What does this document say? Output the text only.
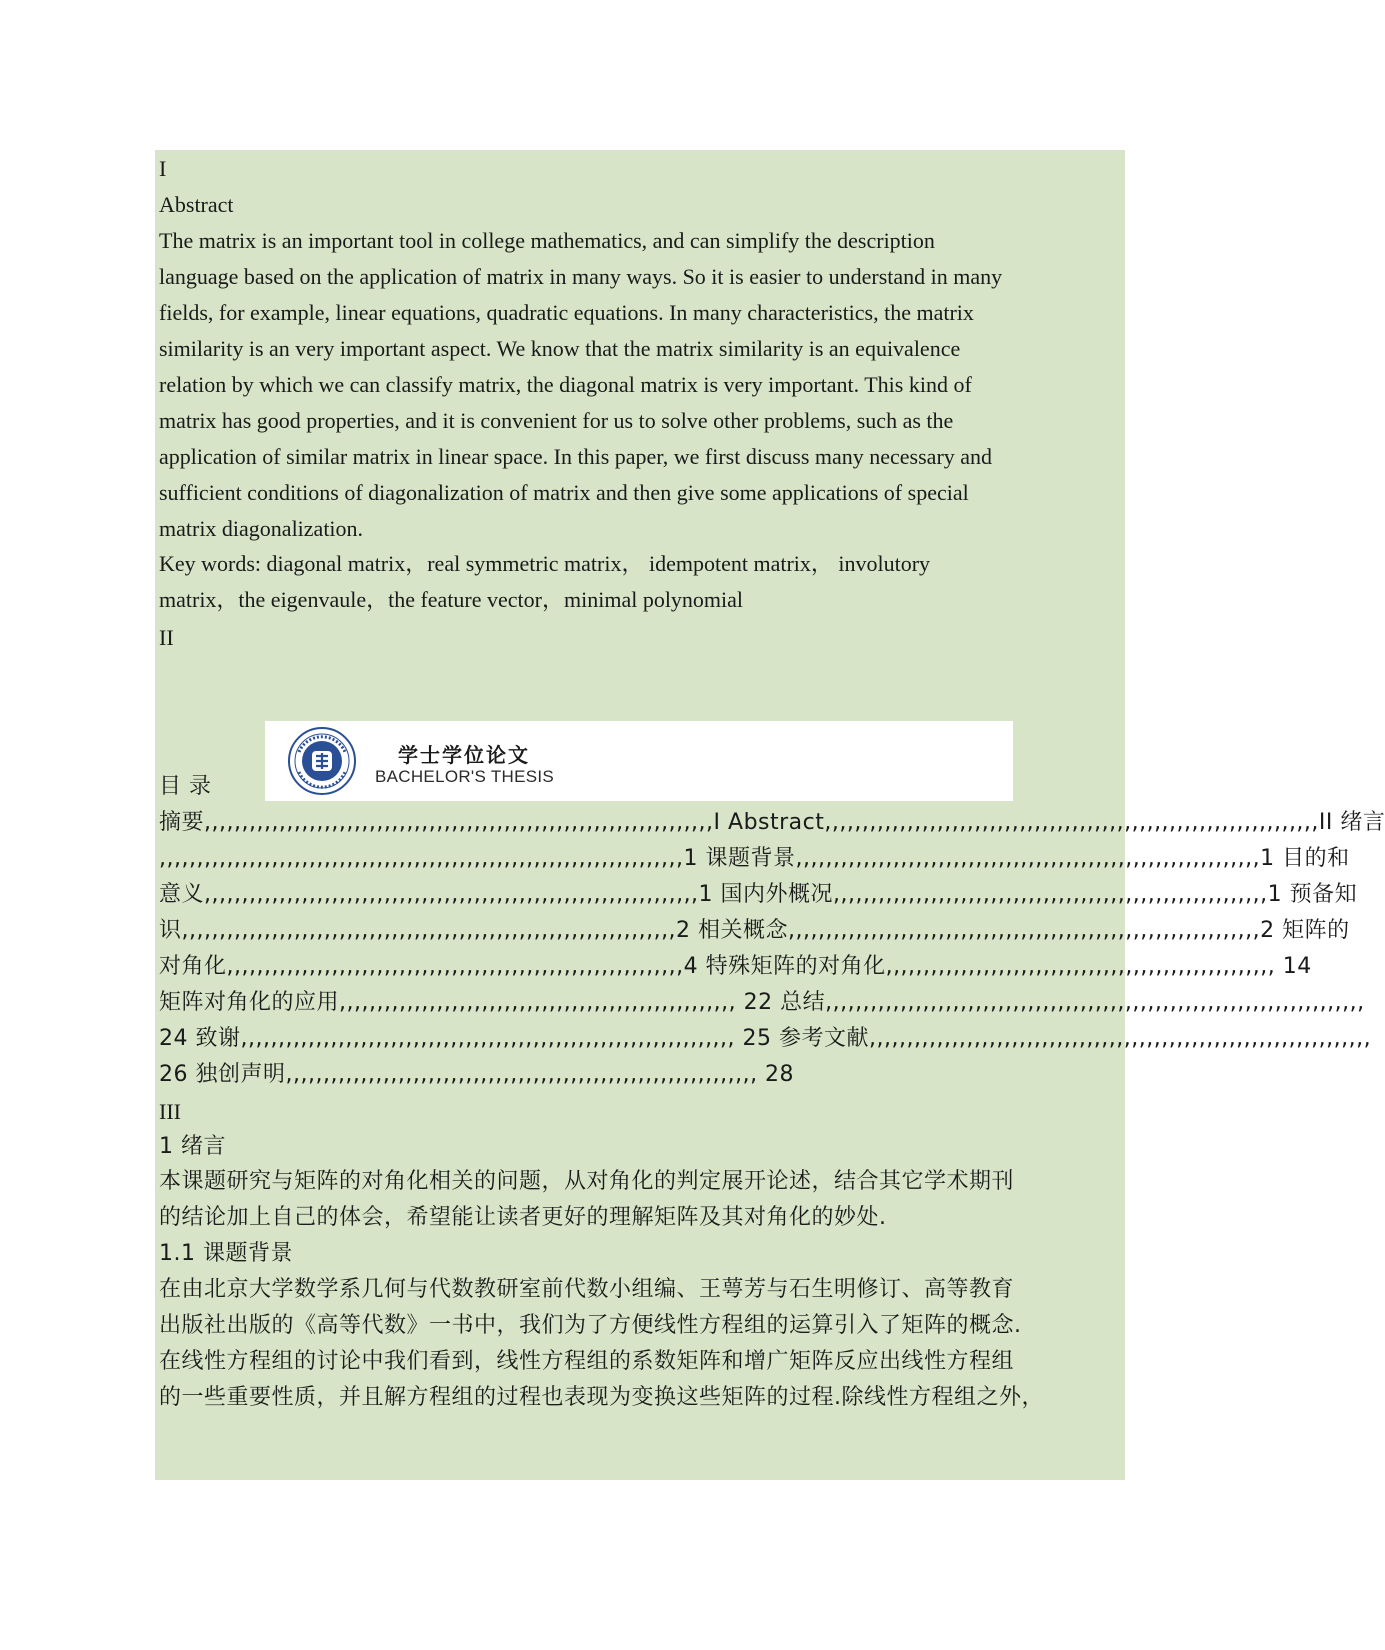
I
Abstract
The matrix is an important tool in college mathematics, and can simplify the description
language based on the application of matrix in many ways. So it is easier to understand in many
fields, for example, linear equations, quadratic equations. In many characteristics, the matrix
similarity is an very important aspect. We know that the matrix similarity is an equivalence
relation by which we can classify matrix, the diagonal matrix is very important. This kind of
matrix has good properties, and it is convenient for us to solve other problems, such as the
application of similar matrix in linear space. In this paper, we first discuss many necessary and
sufficient conditions of diagonalization of matrix and then give some applications of special
matrix diagonalization.
Key words: diagonal matrix，real symmetric matrix， idempotent matrix， involutory
matrix，the eigenvaule，the feature vector，minimal polynomial
II
学士学位论文
BACHELOR'S THESIS
目 录
摘要,,,,,,,,,,,,,,,,,,,,,,,,,,,,,,,,,,,,,,,,,,,,,,,,,,,,,,,,,,,,,,,,,,,,I Abstract,,,,,,,,,,,,,,,,,,,,,,,,,,,,,,,,,,,,,,,,,,,,,,,,,,,,,,,,,,,,,,,,,,II 绪言
,,,,,,,,,,,,,,,,,,,,,,,,,,,,,,,,,,,,,,,,,,,,,,,,,,,,,,,,,,,,,,,,,,,,,,1 课题背景,,,,,,,,,,,,,,,,,,,,,,,,,,,,,,,,,,,,,,,,,,,,,,,,,,,,,,,,,,,,,,1 目的和
意义,,,,,,,,,,,,,,,,,,,,,,,,,,,,,,,,,,,,,,,,,,,,,,,,,,,,,,,,,,,,,,,,,,1 国内外概况,,,,,,,,,,,,,,,,,,,,,,,,,,,,,,,,,,,,,,,,,,,,,,,,,,,,,,,,,,1 预备知
识,,,,,,,,,,,,,,,,,,,,,,,,,,,,,,,,,,,,,,,,,,,,,,,,,,,,,,,,,,,,,,,,,,2 相关概念,,,,,,,,,,,,,,,,,,,,,,,,,,,,,,,,,,,,,,,,,,,,,,,,,,,,,,,,,,,,,,,2 矩阵的
对角化,,,,,,,,,,,,,,,,,,,,,,,,,,,,,,,,,,,,,,,,,,,,,,,,,,,,,,,,,,,,,4 特殊矩阵的对角化,,,,,,,,,,,,,,,,,,,,,,,,,,,,,,,,,,,,,,,,,,,,,,,,,,,, 14
矩阵对角化的应用,,,,,,,,,,,,,,,,,,,,,,,,,,,,,,,,,,,,,,,,,,,,,,,,,,,,, 22 总结,,,,,,,,,,,,,,,,,,,,,,,,,,,,,,,,,,,,,,,,,,,,,,,,,,,,,,,,,,,,,,,,,,,,,,,,
24 致谢,,,,,,,,,,,,,,,,,,,,,,,,,,,,,,,,,,,,,,,,,,,,,,,,,,,,,,,,,,,,,,,,,, 25 参考文献,,,,,,,,,,,,,,,,,,,,,,,,,,,,,,,,,,,,,,,,,,,,,,,,,,,,,,,,,,,,,,,,,,,
26 独创声明,,,,,,,,,,,,,,,,,,,,,,,,,,,,,,,,,,,,,,,,,,,,,,,,,,,,,,,,,,,,,,, 28
III
1 绪言
本课题研究与矩阵的对角化相关的问题，从对角化的判定展开论述，结合其它学术期刊
的结论加上自己的体会，希望能让读者更好的理解矩阵及其对角化的妙处.
1.1 课题背景
在由北京大学数学系几何与代数教研室前代数小组编、王萼芳与石生明修订、高等教育
出版社出版的《高等代数》一书中，我们为了方便线性方程组的运算引入了矩阵的概念.
在线性方程组的讨论中我们看到，线性方程组的系数矩阵和增广矩阵反应出线性方程组
的一些重要性质，并且解方程组的过程也表现为变换这些矩阵的过程.除线性方程组之外，
